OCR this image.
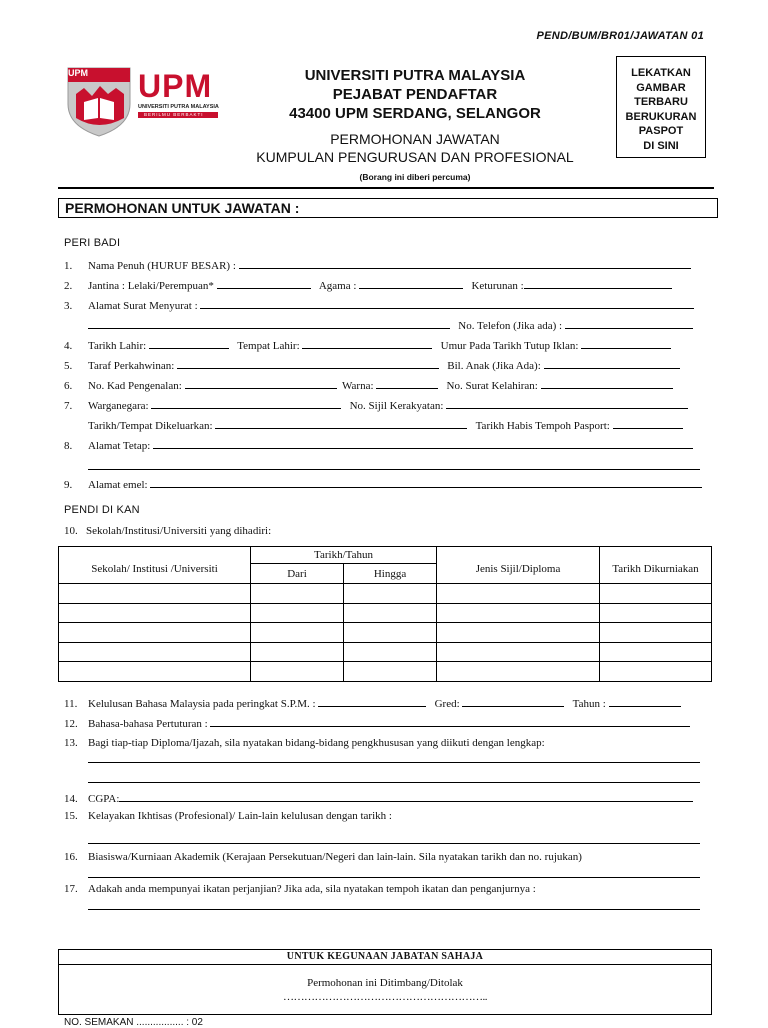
PEND/BUM/BR01/JAWATAN 01
UPM UPM
UNIVERSITI PUTRA MALAYSIA
BERILMU BERBAKTI
UNIVERSITI PUTRA MALAYSIA
PEJABAT PENDAFTAR
43400 UPM SERDANG, SELANGOR
PERMOHONAN JAWATAN
KUMPULAN PENGURUSAN DAN PROFESIONAL
(Borang ini diberi percuma)
LEKATKAN
GAMBAR
TERBARU
BERUKURAN
PASPOT
DI SINI
PERMOHONAN UNTUK JAWATAN :
PERI BADI
1. Nama Penuh (HURUF BESAR) :
2. Jantina : Lelaki/Perempuan*	Agama :	Keturunan :
3. Alamat Surat Menyurat :
No. Telefon (Jika ada) :
4. Tarikh Lahir:	Tempat Lahir:	Umur Pada Tarikh Tutup Iklan:
5. Taraf Perkahwinan:	Bil. Anak (Jika Ada):
6. No. Kad Pengenalan:	Warna:	No. Surat Kelahiran:
7. Warganegara:	No. Sijil Kerakyatan:
Tarikh/Tempat Dikeluarkan:	Tarikh Habis Tempoh Pasport:
8. Alamat Tetap:
9. Alamat emel:
PENDI DI KAN
10. Sekolah/Institusi/Universiti yang dihadiri:
Sekolah/ Institusi /Universiti	Tarikh/Tahun		Jenis Sijil/Diploma	Tarikh Dikurniakan
	Dari	Hingga		

11. Kelulusan Bahasa Malaysia pada peringkat S.P.M. :	Gred:	Tahun :
12. Bahasa-bahasa Pertuturan :
13. Bagi tiap-tiap Diploma/Ijazah, sila nyatakan bidang-bidang pengkhususan yang diikuti dengan lengkap:
14. CGPA:
15. Kelayakan Ikhtisas (Profesional)/ Lain-lain kelulusan dengan tarikh :
16. Biasiswa/Kurniaan Akademik (Kerajaan Persekutuan/Negeri dan lain-lain. Sila nyatakan tarikh dan no. rujukan)
17. Adakah anda mempunyai ikatan perjanjian? Jika ada, sila nyatakan tempoh ikatan dan penganjurnya :
UNTUK KEGUNAAN JABATAN SAHAJA
Permohonan ini Ditimbang/Ditolak
…………………………………………………..
NO. SEMAKAN ................. : 02
